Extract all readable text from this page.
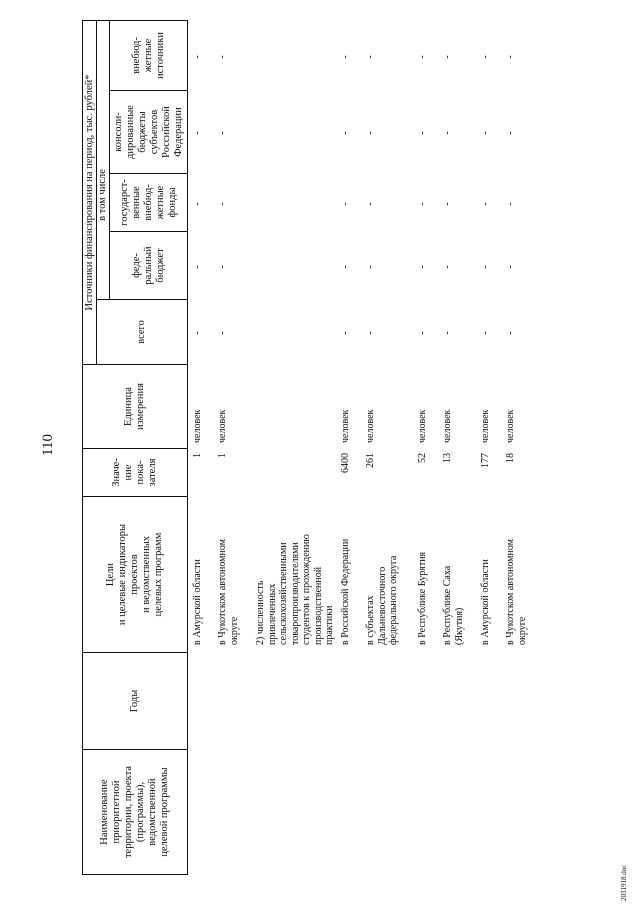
110
Наименование
приоритетной
территории, проекта
(программы),
ведомственной
целевой программы
Годы
Цели
и целевые индикаторы
проектов
и ведомственных
целевых программ
Значе-
ние
пока-
зателя
Единица
измерения
Источники финансирования на период, тыс. рублей*
всего
в том числе
феде-
ральный
бюджет
государст-
венные
внебюд-
жетные
фонды
консоли-
дированные
бюджеты
субъектов
Российской
Федерации
внебюд-
жетные
источники
в Амурской области
1
человек
-
-
-
-
-
в Чукотском автономном
округе
1
человек
-
-
-
-
-
2) численность
привлеченных
сельскохозяйственными
товаропроизводителями
студентов к прохождению
производственной
практики в Российской Федерации
6400
человек
-
-
-
-
-
в субъектах
Дальневосточного
федерального округа
261
человек
-
-
-
-
-
в Республике Бурятия
52
человек
-
-
-
-
-
в Республике Саха
(Якутия)
13
человек
-
-
-
-
-
в Амурской области
177
человек
-
-
-
-
-
в Чукотском автономном
округе
18
человек
-
-
-
-
-
2031918.doc
